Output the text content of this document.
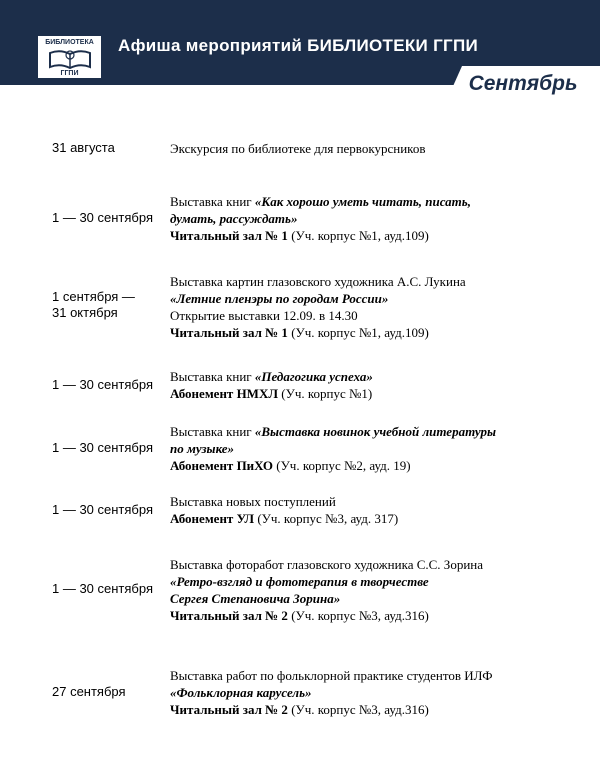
БИБЛИОТЕКА
ГГПИ
Афиша мероприятий БИБЛИОТЕКИ ГГПИ
Сентябрь
31 августа	Экскурсия по библиотеке для первокурсников
1 — 30 сентября
Выставка книг «Как хорошо уметь читать, писать,
думать, рассуждать»
Читальный зал № 1 (Уч. корпус №1, ауд.109)
1 сентября —
31 октября
Выставка картин глазовского художника А.С. Лукина
«Летние пленэры по городам России»
Открытие выставки 12.09. в 14.30
Читальный зал № 1 (Уч. корпус №1, ауд.109)
1 — 30 сентября
Выставка книг «Педагогика успеха»
Абонемент НМХЛ (Уч. корпус №1)
1 — 30 сентября
Выставка книг «Выставка новинок учебной литературы
по музыке»
Абонемент ПиХО (Уч. корпус №2, ауд. 19)
1 — 30 сентября
Выставка новых поступлений
Абонемент УЛ (Уч. корпус №3, ауд. 317)
1 — 30 сентября
Выставка фоторабот глазовского художника С.С. Зорина
«Ретро-взгляд и фототерапия в творчестве
Сергея Степановича Зорина»
Читальный зал № 2 (Уч. корпус №3, ауд.316)
27 сентября
Выставка работ по фольклорной практике студентов ИЛФ
«Фольклорная карусель»
Читальный зал № 2 (Уч. корпус №3, ауд.316)
